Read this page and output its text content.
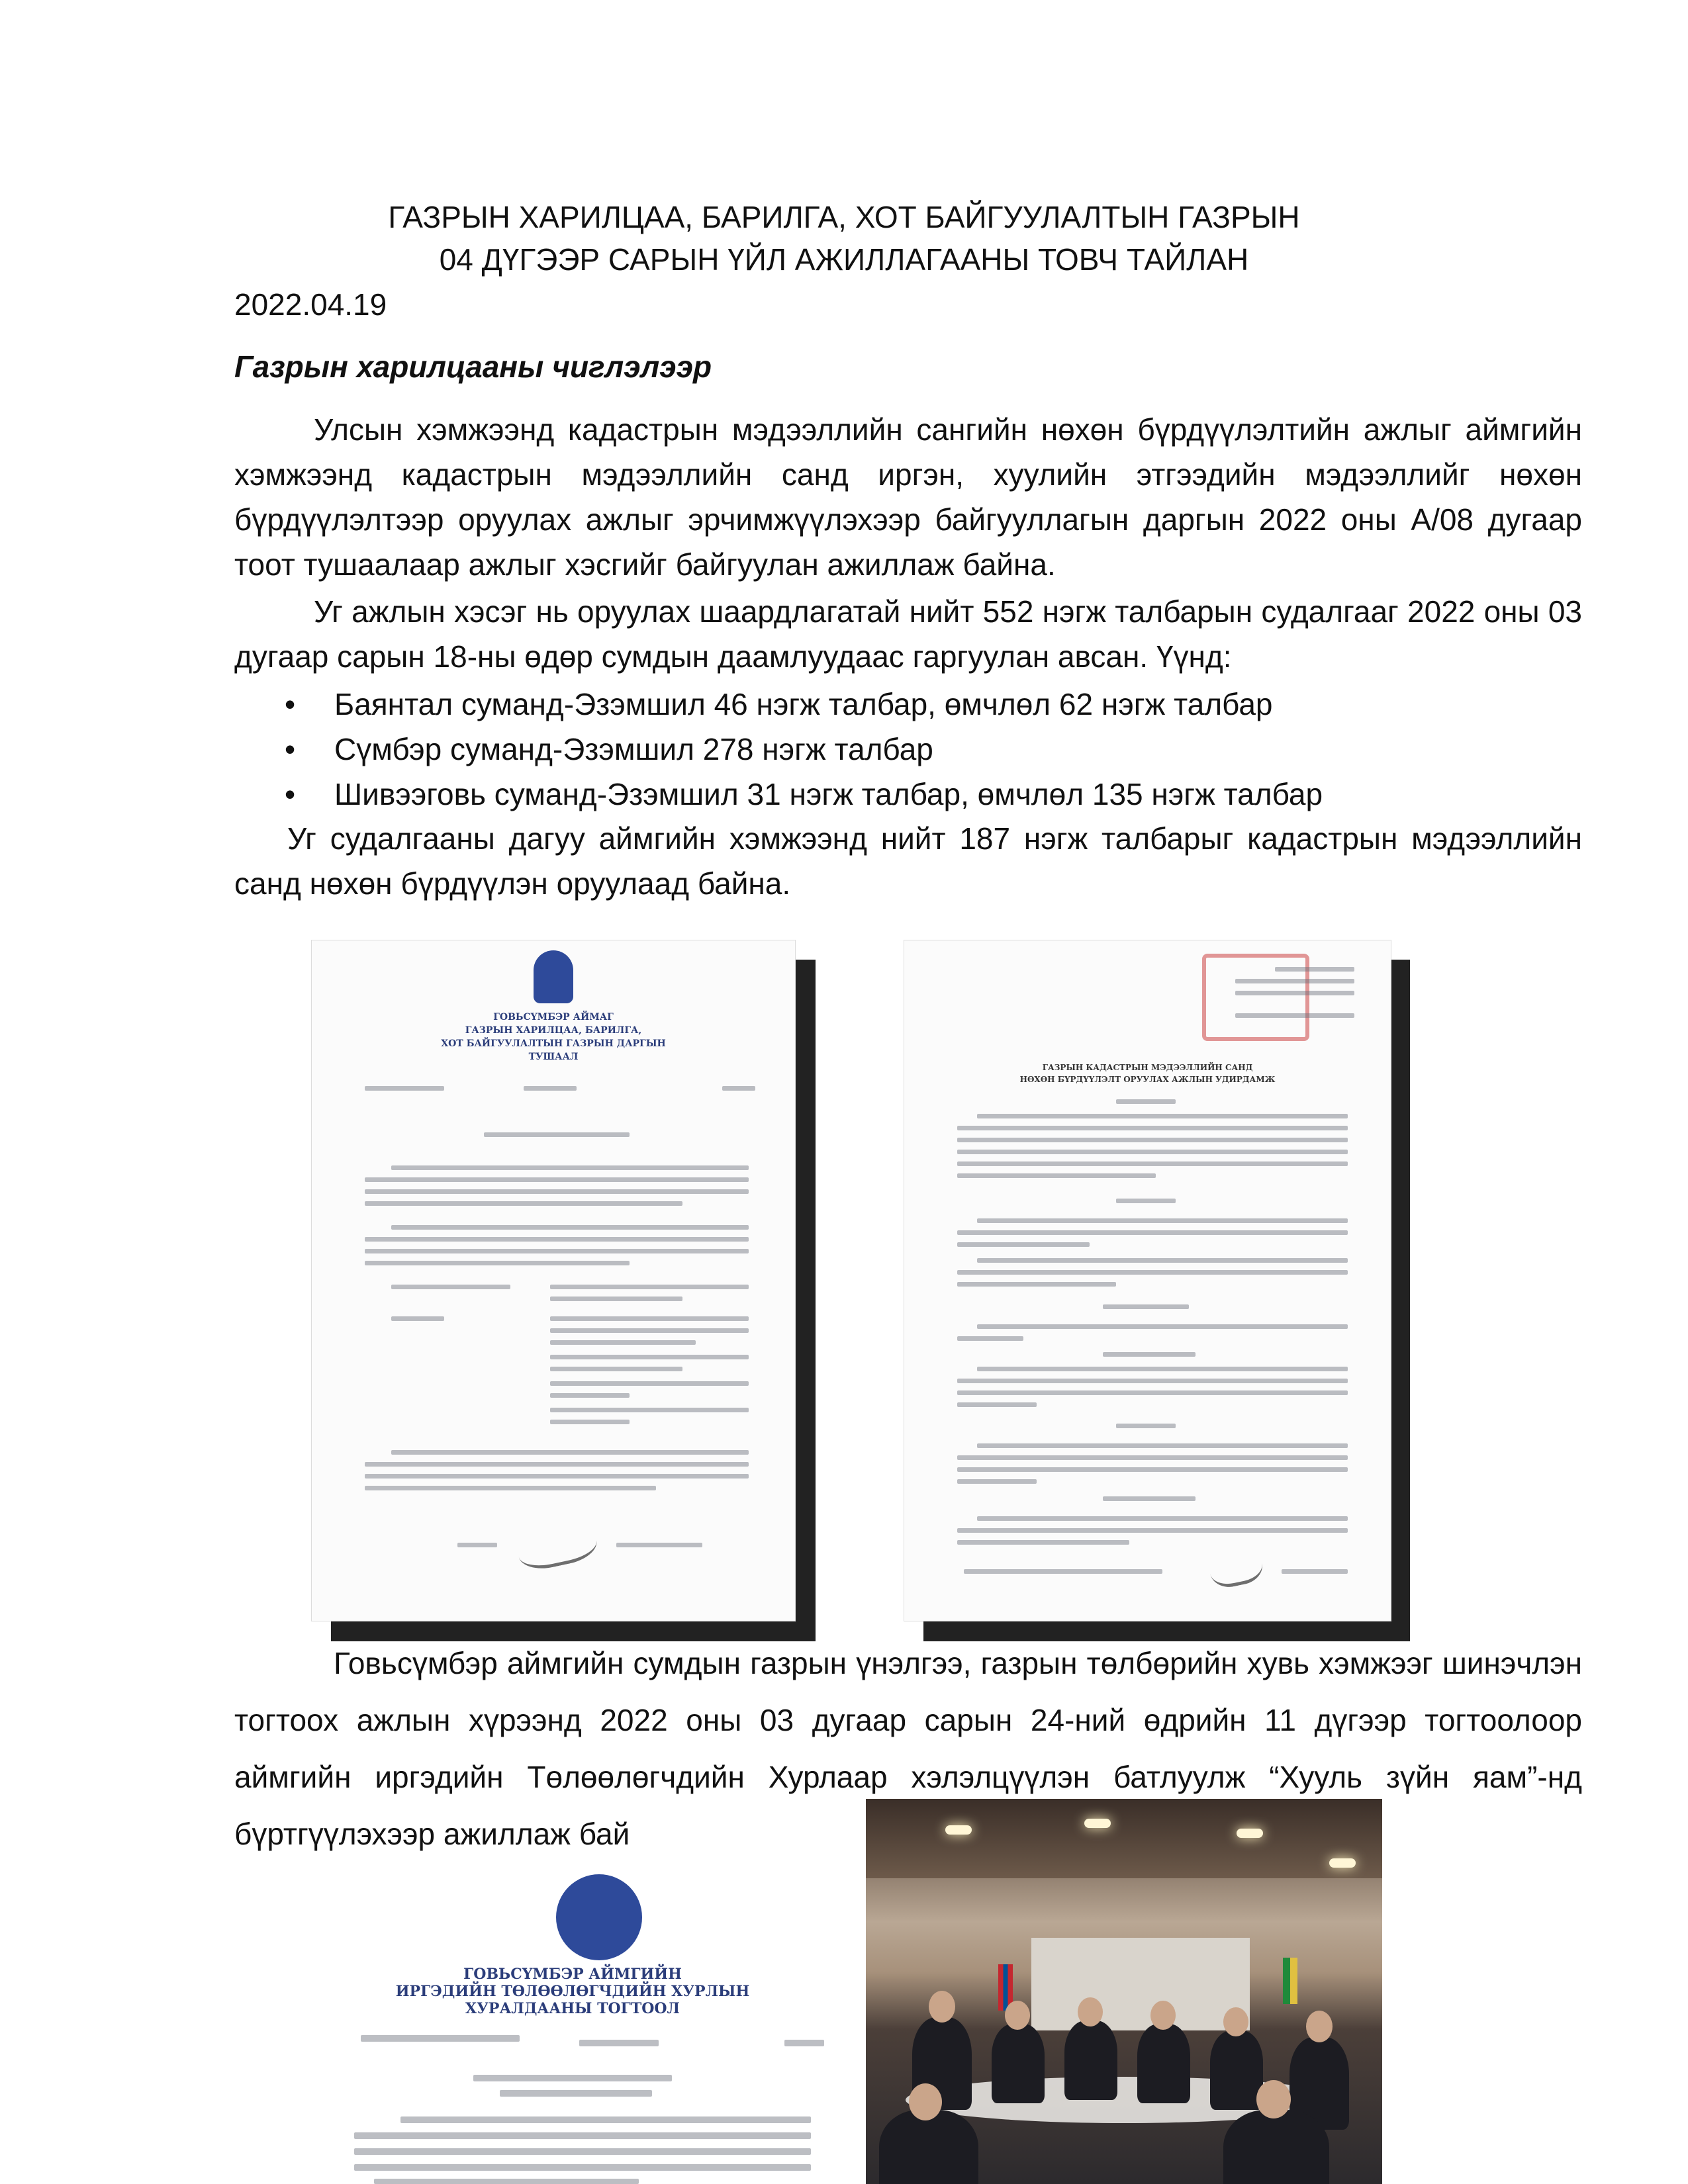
ГАЗРЫН ХАРИЛЦАА, БАРИЛГА, ХОТ БАЙГУУЛАЛТЫН ГАЗРЫН
04 ДҮГЭЭР САРЫН ҮЙЛ АЖИЛЛАГААНЫ ТОВЧ ТАЙЛАН
2022.04.19
Газрын харилцааны чиглэлээр

Улсын хэмжээнд кадастрын мэдээллийн сангийн нөхөн бүрдүүлэлтийн ажлыг аймгийн хэмжээнд кадастрын мэдээллийн санд иргэн, хуулийн этгээдийн мэдээллийг нөхөн бүрдүүлэлтээр оруулах ажлыг эрчимжүүлэхээр байгууллагын даргын 2022 оны А/08 дугаар тоот тушаалаар ажлыг хэсгийг байгуулан ажиллаж байна.

Уг ажлын хэсэг нь оруулах шаардлагатай нийт 552 нэгж талбарын судалгааг 2022 оны 03 дугаар сарын 18-ны өдөр сумдын даамлуудаас гаргуулан авсан. Үүнд:

• Баянтал суманд-Эзэмшил 46 нэгж талбар, өмчлөл 62 нэгж талбар
• Сүмбэр суманд-Эзэмшил 278 нэгж талбар
• Шивээговь суманд-Эзэмшил 31 нэгж талбар, өмчлөл 135 нэгж талбар

Уг судалгааны дагуу аймгийн хэмжээнд нийт 187 нэгж талбарыг кадастрын мэдээллийн санд нөхөн бүрдүүлэн оруулаад байна.

ГОВЬСҮМБЭР АЙМАГ
ГАЗРЫН ХАРИЛЦАА, БАРИЛГА,
ХОТ БАЙГУУЛАЛТЫН ГАЗРЫН ДАРГЫН
ТУШААЛ
ГАЗРЫН КАДАСТРЫН МЭДЭЭЛЛИЙН САНД
НӨХӨН БҮРДҮҮЛЭЛТ ОРУУЛАХ АЖЛЫН УДИРДАМЖ

Говьсүмбэр аймгийн сумдын газрын үнэлгээ, газрын төлбөрийн хувь хэмжээг шинэчлэн тогтоох ажлын хүрээнд 2022 оны 03 дугаар сарын 24-ний өдрийн 11 дүгээр тогтоолоор аймгийн иргэдийн Төлөөлөгчдийн Хурлаар хэлэлцүүлэн батлуулж “Хууль зүйн яам”-нд бүртгүүлэхээр ажиллаж бай

ГОВЬСҮМБЭР АЙМГИЙН
ИРГЭДИЙН ТӨЛӨӨЛӨГЧДИЙН ХУРЛЫН
ХУРАЛДААНЫ ТОГТООЛ
